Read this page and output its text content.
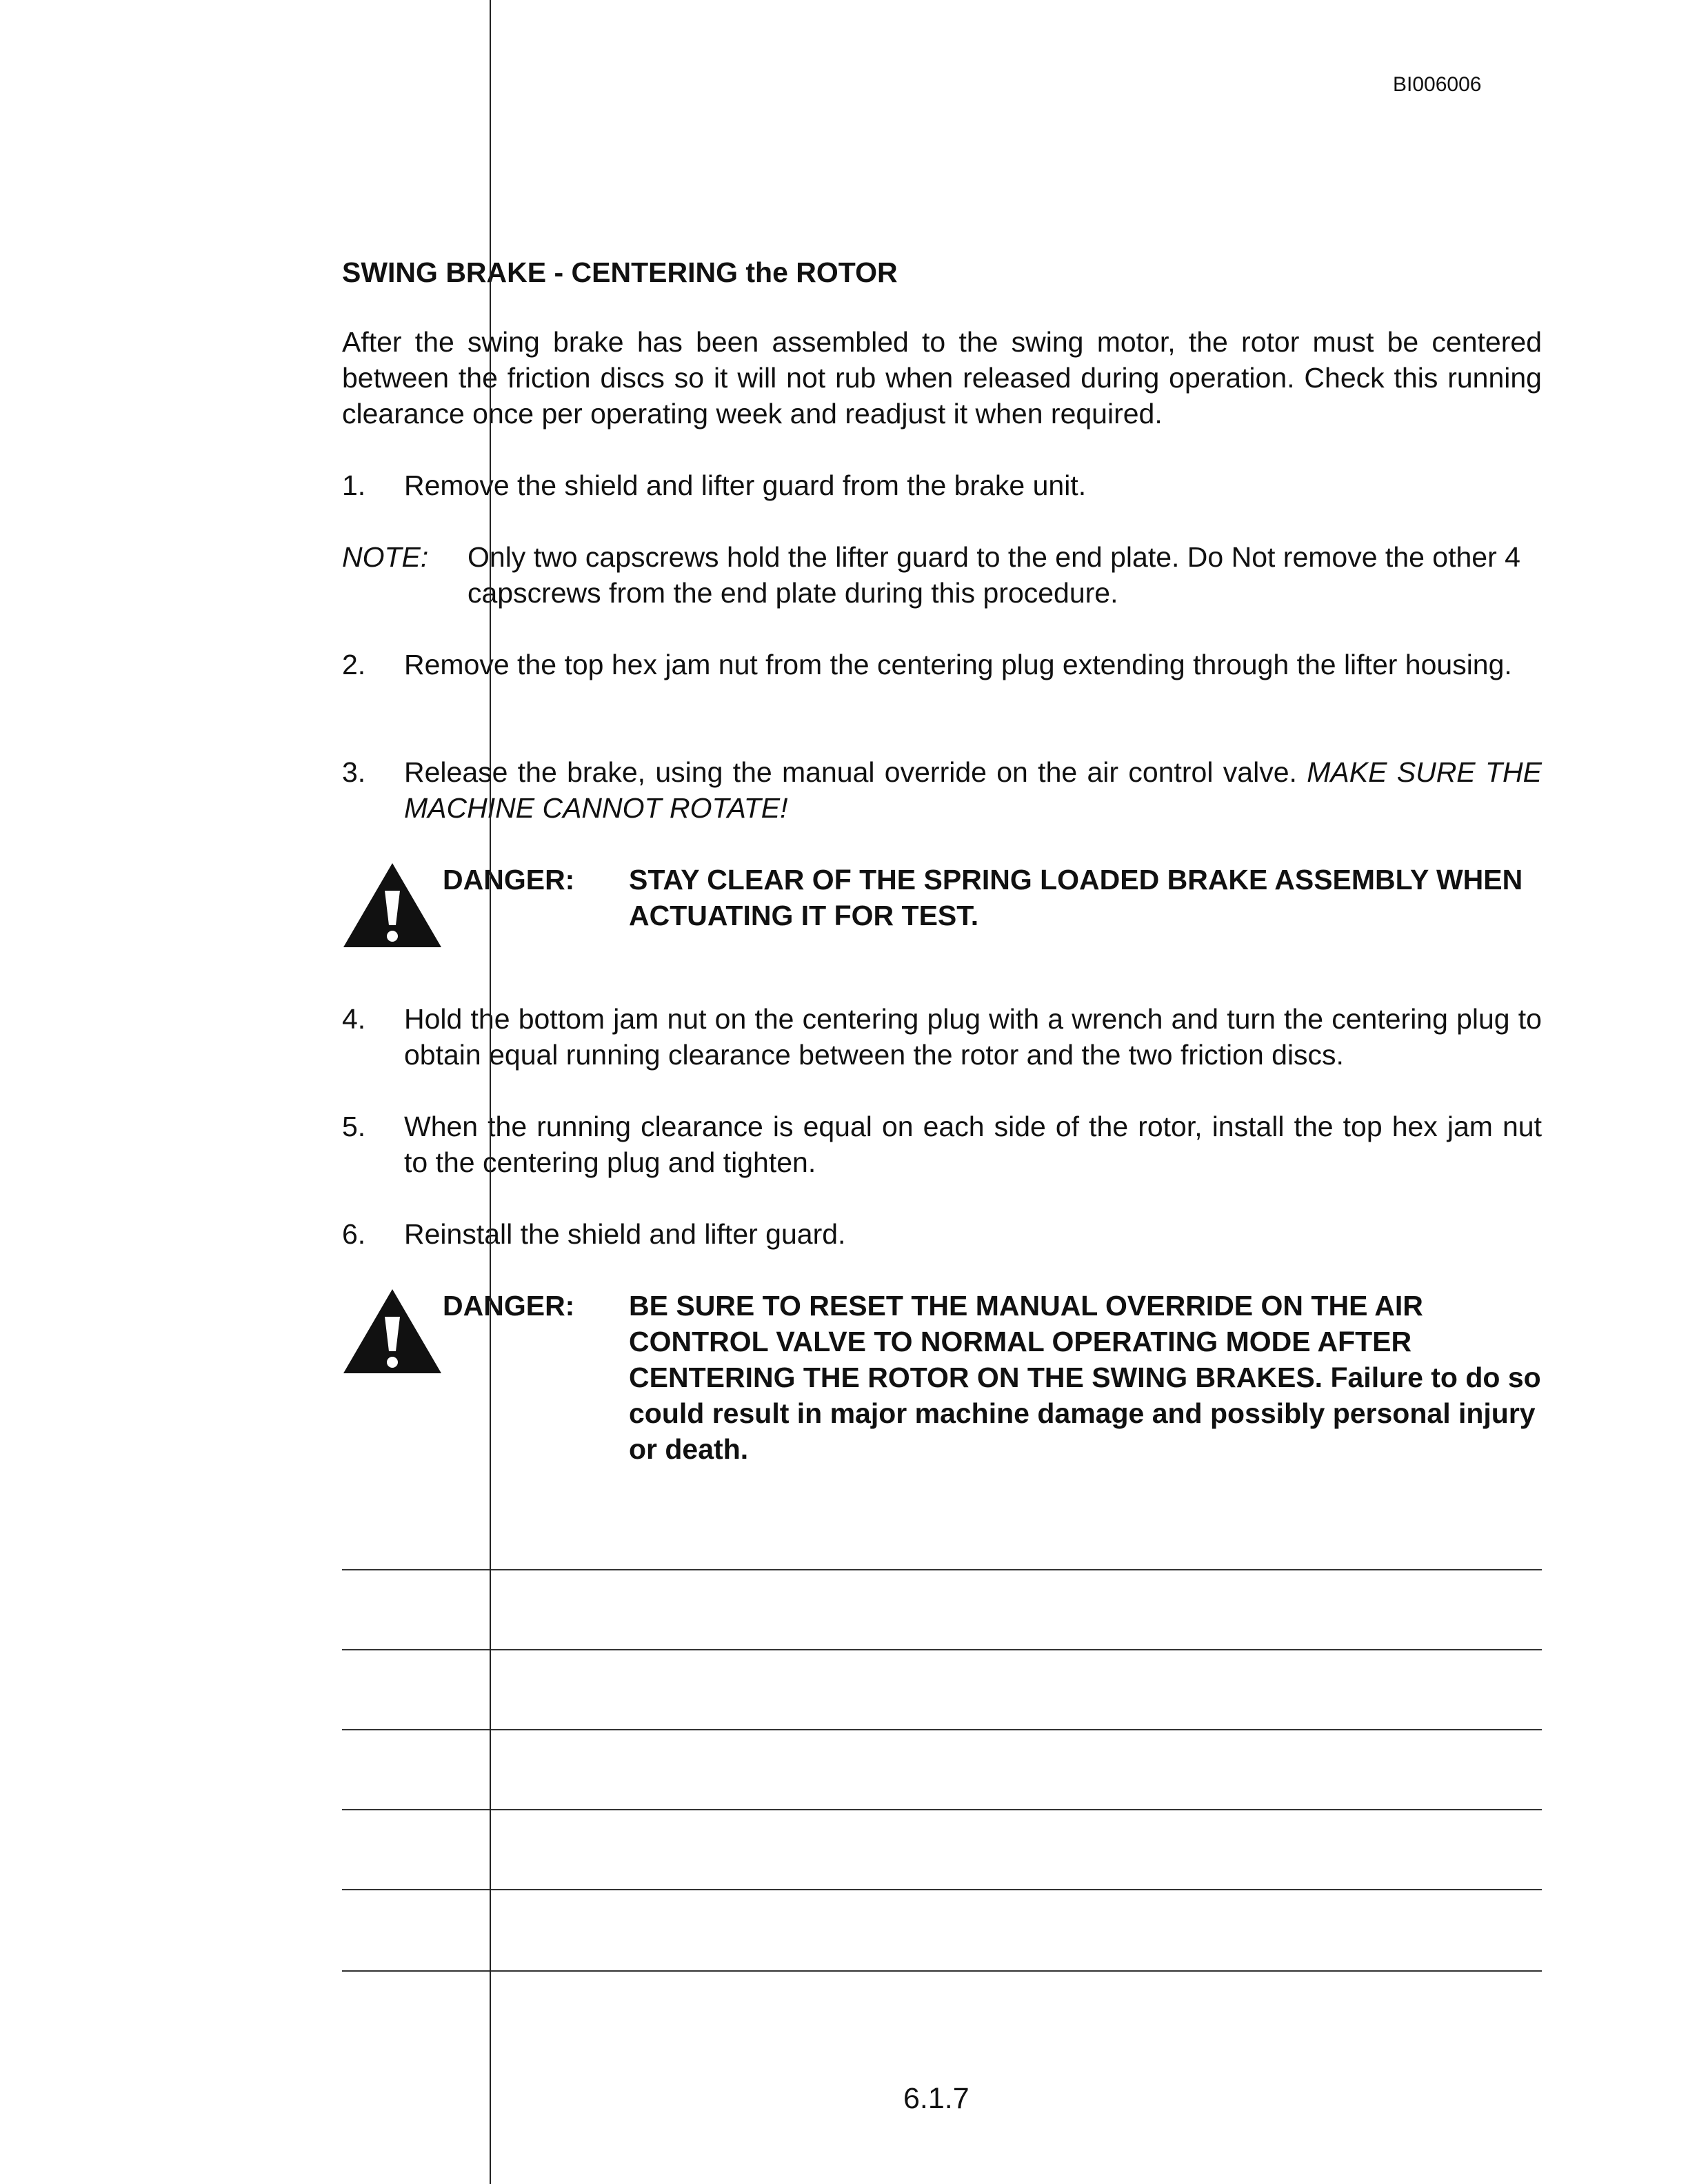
BI006006
SWING BRAKE - CENTERING the ROTOR

After the swing brake has been assembled to the swing motor, the rotor must be centered between the friction discs so it will not rub when released during operation. Check this running clearance once per operating week and readjust it when required.

1. Remove the shield and lifter guard from the brake unit.
NOTE: Only two capscrews hold the lifter guard to the end plate. Do Not remove the other 4 capscrews from the end plate during this procedure.
2. Remove the top hex jam nut from the centering plug extending through the lifter housing.
3. Release the brake, using the manual override on the air control valve. MAKE SURE THE MACHINE CANNOT ROTATE!
DANGER: STAY CLEAR OF THE SPRING LOADED BRAKE ASSEMBLY WHEN ACTUATING IT FOR TEST.
4. Hold the bottom jam nut on the centering plug with a wrench and turn the centering plug to obtain equal running clearance between the rotor and the two friction discs.
5. When the running clearance is equal on each side of the rotor, install the top hex jam nut to the centering plug and tighten.
6. Reinstall the shield and lifter guard.
DANGER: BE SURE TO RESET THE MANUAL OVERRIDE ON THE AIR CONTROL VALVE TO NORMAL OPERATING MODE AFTER CENTERING THE ROTOR ON THE SWING BRAKES. Failure to do so could result in major machine damage and possibly personal injury or death.
6.1.7
